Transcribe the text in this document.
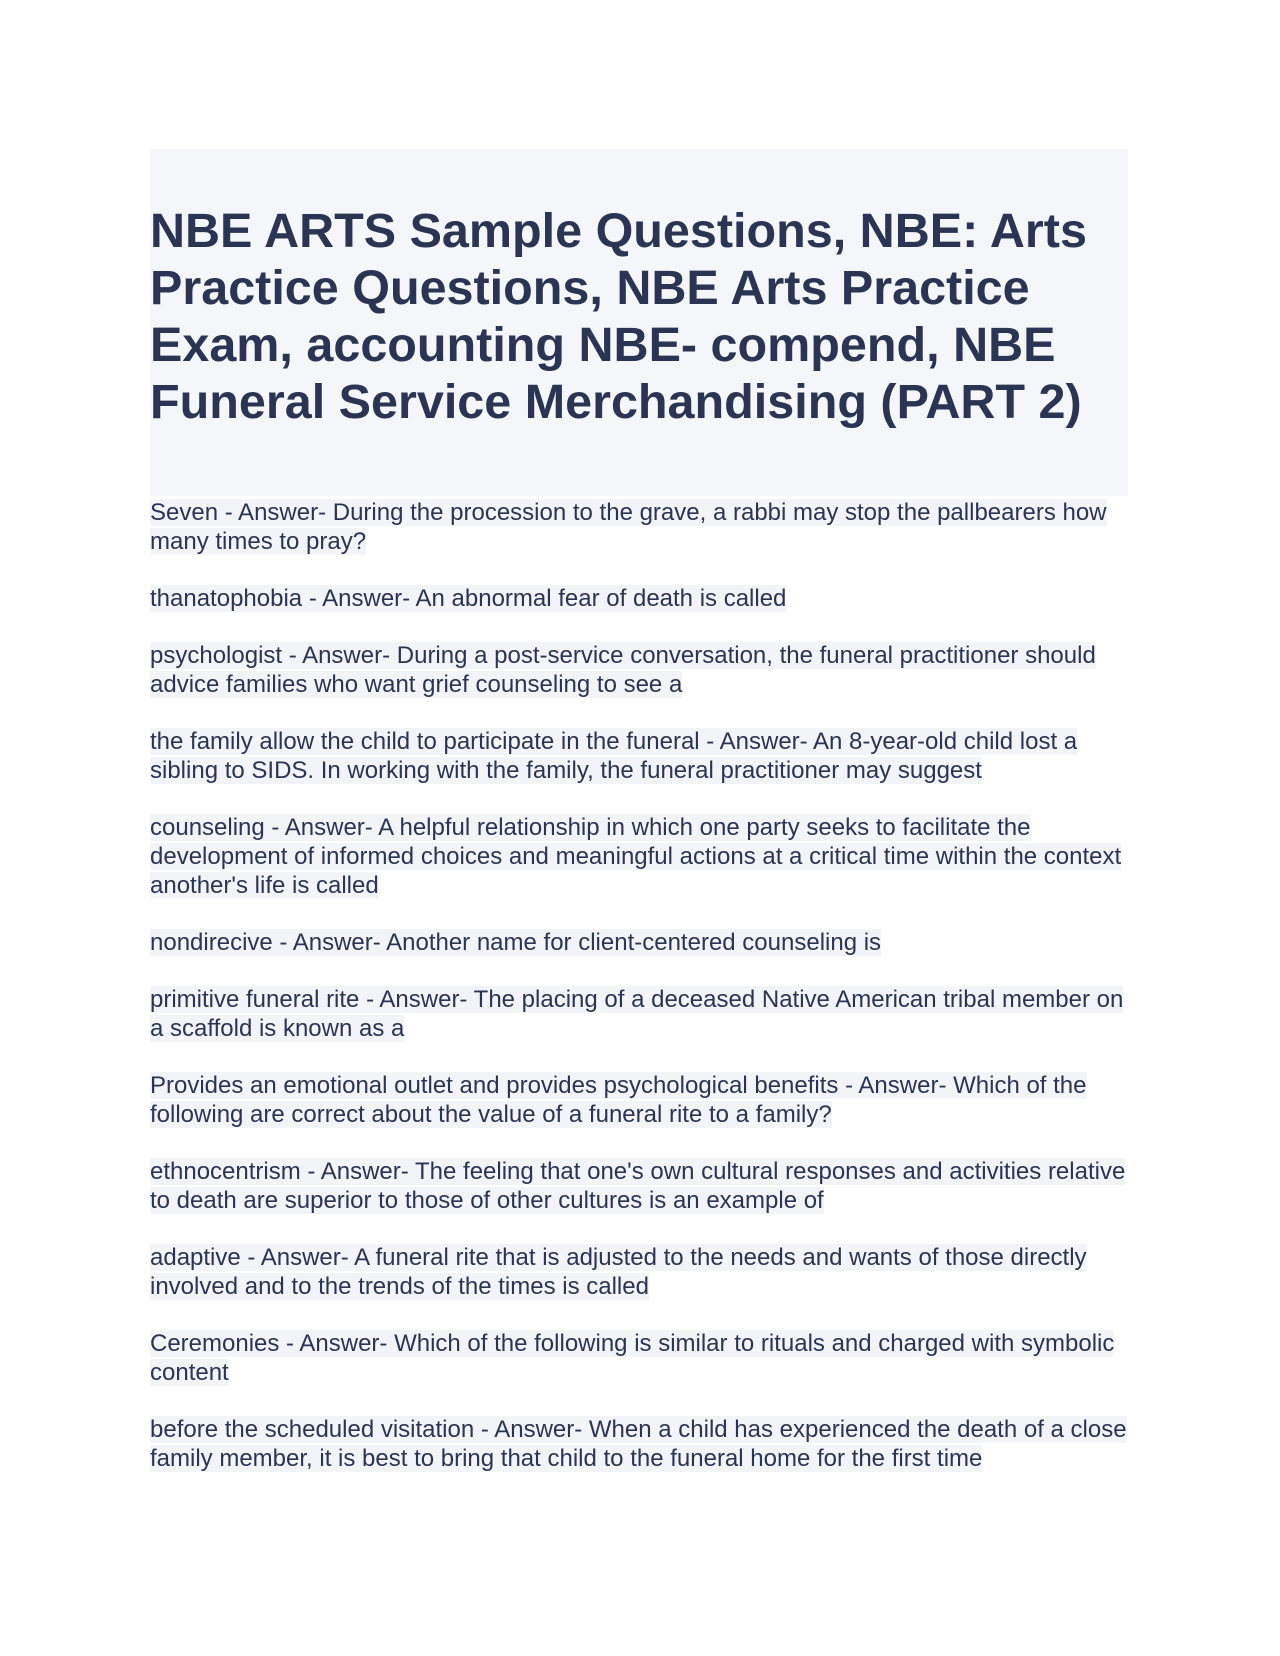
NBE ARTS Sample Questions, NBE: Arts Practice Questions, NBE Arts Practice Exam, accounting NBE- compend, NBE Funeral Service Merchandising (PART 2)

Seven - Answer- During the procession to the grave, a rabbi may stop the pallbearers how many times to pray?

thanatophobia - Answer- An abnormal fear of death is called

psychologist - Answer- During a post-service conversation, the funeral practitioner should advice families who want grief counseling to see a

the family allow the child to participate in the funeral - Answer- An 8-year-old child lost a sibling to SIDS. In working with the family, the funeral practitioner may suggest

counseling - Answer- A helpful relationship in which one party seeks to facilitate the development of informed choices and meaningful actions at a critical time within the context another's life is called

nondirecive - Answer- Another name for client-centered counseling is

primitive funeral rite - Answer- The placing of a deceased Native American tribal member on a scaffold is known as a

Provides an emotional outlet and provides psychological benefits - Answer- Which of the following are correct about the value of a funeral rite to a family?

ethnocentrism - Answer- The feeling that one's own cultural responses and activities relative to death are superior to those of other cultures is an example of

adaptive - Answer- A funeral rite that is adjusted to the needs and wants of those directly involved and to the trends of the times is called

Ceremonies - Answer- Which of the following is similar to rituals and charged with symbolic content

before the scheduled visitation - Answer- When a child has experienced the death of a close family member, it is best to bring that child to the funeral home for the first time
